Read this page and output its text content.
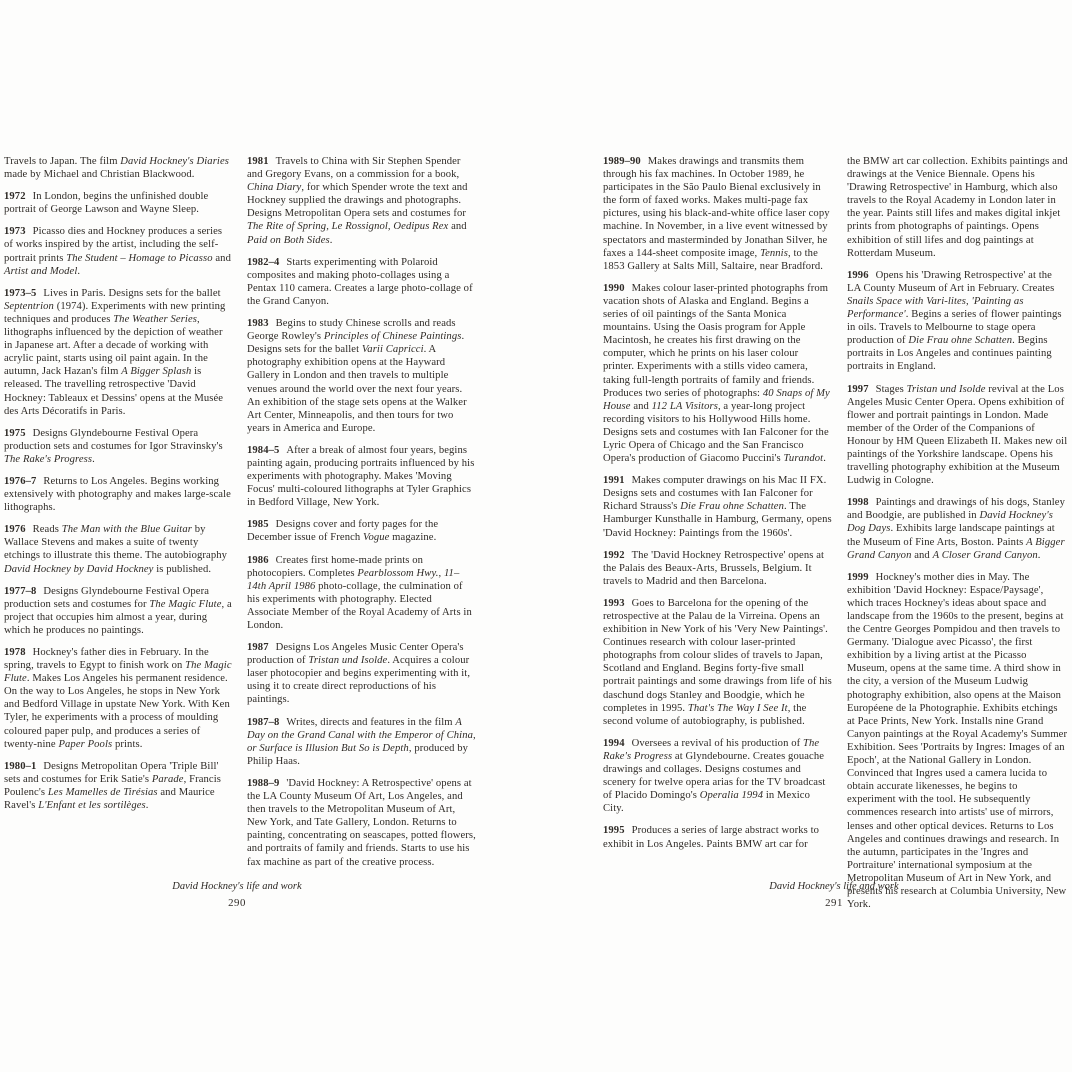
Travels to Japan. The film David Hockney's Diaries made by Michael and Christian Blackwood.

1972 In London, begins the unfinished double portrait of George Lawson and Wayne Sleep.

1973 Picasso dies and Hockney produces a series of works inspired by the artist, including the self-portrait prints The Student – Homage to Picasso and Artist and Model.

1973–5 Lives in Paris. Designs sets for the ballet Septentrion (1974). Experiments with new printing techniques and produces The Weather Series, lithographs influenced by the depiction of weather in Japanese art. After a decade of working with acrylic paint, starts using oil paint again. In the autumn, Jack Hazan's film A Bigger Splash is released. The travelling retrospective 'David Hockney: Tableaux et Dessins' opens at the Musée des Arts Décoratifs in Paris.

1975 Designs Glyndebourne Festival Opera production sets and costumes for Igor Stravinsky's The Rake's Progress.

1976–7 Returns to Los Angeles. Begins working extensively with photography and makes large-scale lithographs.

1976 Reads The Man with the Blue Guitar by Wallace Stevens and makes a suite of twenty etchings to illustrate this theme. The autobiography David Hockney by David Hockney is published.

1977–8 Designs Glyndebourne Festival Opera production sets and costumes for The Magic Flute, a project that occupies him almost a year, during which he produces no paintings.

1978 Hockney's father dies in February. In the spring, travels to Egypt to finish work on The Magic Flute. Makes Los Angeles his permanent residence. On the way to Los Angeles, he stops in New York and Bedford Village in upstate New York. With Ken Tyler, he experiments with a process of moulding coloured paper pulp, and produces a series of twenty-nine Paper Pools prints.

1980–1 Designs Metropolitan Opera 'Triple Bill' sets and costumes for Erik Satie's Parade, Francis Poulenc's Les Mamelles de Tirésias and Maurice Ravel's L'Enfant et les sortilèges.

1981 Travels to China with Sir Stephen Spender and Gregory Evans, on a commission for a book, China Diary, for which Spender wrote the text and Hockney supplied the drawings and photographs. Designs Metropolitan Opera sets and costumes for The Rite of Spring, Le Rossignol, Oedipus Rex and Paid on Both Sides.

1982–4 Starts experimenting with Polaroid composites and making photo-collages using a Pentax 110 camera. Creates a large photo-collage of the Grand Canyon.

1983 Begins to study Chinese scrolls and reads George Rowley's Principles of Chinese Paintings. Designs sets for the ballet Varii Capricci. A photography exhibition opens at the Hayward Gallery in London and then travels to multiple venues around the world over the next four years. An exhibition of the stage sets opens at the Walker Art Center, Minneapolis, and then tours for two years in America and Europe.

1984–5 After a break of almost four years, begins painting again, producing portraits influenced by his experiments with photography. Makes 'Moving Focus' multi-coloured lithographs at Tyler Graphics in Bedford Village, New York.

1985 Designs cover and forty pages for the December issue of French Vogue magazine.

1986 Creates first home-made prints on photocopiers. Completes Pearblossom Hwy., 11–14th April 1986 photo-collage, the culmination of his experiments with photography. Elected Associate Member of the Royal Academy of Arts in London.

1987 Designs Los Angeles Music Center Opera's production of Tristan und Isolde. Acquires a colour laser photocopier and begins experimenting with it, using it to create direct reproductions of his paintings.

1987–8 Writes, directs and features in the film A Day on the Grand Canal with the Emperor of China, or Surface is Illusion But So is Depth, produced by Philip Haas.

1988–9 'David Hockney: A Retrospective' opens at the LA County Museum Of Art, Los Angeles, and then travels to the Metropolitan Museum of Art, New York, and Tate Gallery, London. Returns to painting, concentrating on seascapes, potted flowers, and portraits of family and friends. Starts to use his fax machine as part of the creative process.

1989–90 Makes drawings and transmits them through his fax machines. In October 1989, he participates in the São Paulo Bienal exclusively in the form of faxed works. Makes multi-page fax pictures, using his black-and-white office laser copy machine. In November, in a live event witnessed by spectators and masterminded by Jonathan Silver, he faxes a 144-sheet composite image, Tennis, to the 1853 Gallery at Salts Mill, Saltaire, near Bradford.

1990 Makes colour laser-printed photographs from vacation shots of Alaska and England. Begins a series of oil paintings of the Santa Monica mountains. Using the Oasis program for Apple Macintosh, he creates his first drawing on the computer, which he prints on his laser colour printer. Experiments with a stills video camera, taking full-length portraits of family and friends. Produces two series of photographs: 40 Snaps of My House and 112 LA Visitors, a year-long project recording visitors to his Hollywood Hills home. Designs sets and costumes with Ian Falconer for the Lyric Opera of Chicago and the San Francisco Opera's production of Giacomo Puccini's Turandot.

1991 Makes computer drawings on his Mac II FX. Designs sets and costumes with Ian Falconer for Richard Strauss's Die Frau ohne Schatten. The Hamburger Kunsthalle in Hamburg, Germany, opens 'David Hockney: Paintings from the 1960s'.

1992 The 'David Hockney Retrospective' opens at the Palais des Beaux-Arts, Brussels, Belgium. It travels to Madrid and then Barcelona.

1993 Goes to Barcelona for the opening of the retrospective at the Palau de la Virreina. Opens an exhibition in New York of his 'Very New Paintings'. Continues research with colour laser-printed photographs from colour slides of travels to Japan, Scotland and England. Begins forty-five small portrait paintings and some drawings from life of his daschund dogs Stanley and Boodgie, which he completes in 1995. That's The Way I See It, the second volume of autobiography, is published.

1994 Oversees a revival of his production of The Rake's Progress at Glyndebourne. Creates gouache drawings and collages. Designs costumes and scenery for twelve opera arias for the TV broadcast of Placido Domingo's Operalia 1994 in Mexico City.

1995 Produces a series of large abstract works to exhibit in Los Angeles. Paints BMW art car for

the BMW art car collection. Exhibits paintings and drawings at the Venice Biennale. Opens his 'Drawing Retrospective' in Hamburg, which also travels to the Royal Academy in London later in the year. Paints still lifes and makes digital inkjet prints from photographs of paintings. Opens exhibition of still lifes and dog paintings at Rotterdam Museum.

1996 Opens his 'Drawing Retrospective' at the LA County Museum of Art in February. Creates Snails Space with Vari-lites, 'Painting as Performance'. Begins a series of flower paintings in oils. Travels to Melbourne to stage opera production of Die Frau ohne Schatten. Begins portraits in Los Angeles and continues painting portraits in England.

1997 Stages Tristan und Isolde revival at the Los Angeles Music Center Opera. Opens exhibition of flower and portrait paintings in London. Made member of the Order of the Companions of Honour by HM Queen Elizabeth II. Makes new oil paintings of the Yorkshire landscape. Opens his travelling photography exhibition at the Museum Ludwig in Cologne.

1998 Paintings and drawings of his dogs, Stanley and Boodgie, are published in David Hockney's Dog Days. Exhibits large landscape paintings at the Museum of Fine Arts, Boston. Paints A Bigger Grand Canyon and A Closer Grand Canyon.

1999 Hockney's mother dies in May. The exhibition 'David Hockney: Espace/Paysage', which traces Hockney's ideas about space and landscape from the 1960s to the present, begins at the Centre Georges Pompidou and then travels to Germany. 'Dialogue avec Picasso', the first exhibition by a living artist at the Picasso Museum, opens at the same time. A third show in the city, a version of the Museum Ludwig photography exhibition, also opens at the Maison Européene de la Photographie. Exhibits etchings at Pace Prints, New York. Installs nine Grand Canyon paintings at the Royal Academy's Summer Exhibition. Sees 'Portraits by Ingres: Images of an Epoch', at the National Gallery in London. Convinced that Ingres used a camera lucida to obtain accurate likenesses, he begins to experiment with the tool. He subsequently commences research into artists' use of mirrors, lenses and other optical devices. Returns to Los Angeles and continues drawings and research. In the autumn, participates in the 'Ingres and Portraiture' international symposium at the Metropolitan Museum of Art in New York, and presents his research at Columbia University, New York.

David Hockney's life and work
290
David Hockney's life and work
291
